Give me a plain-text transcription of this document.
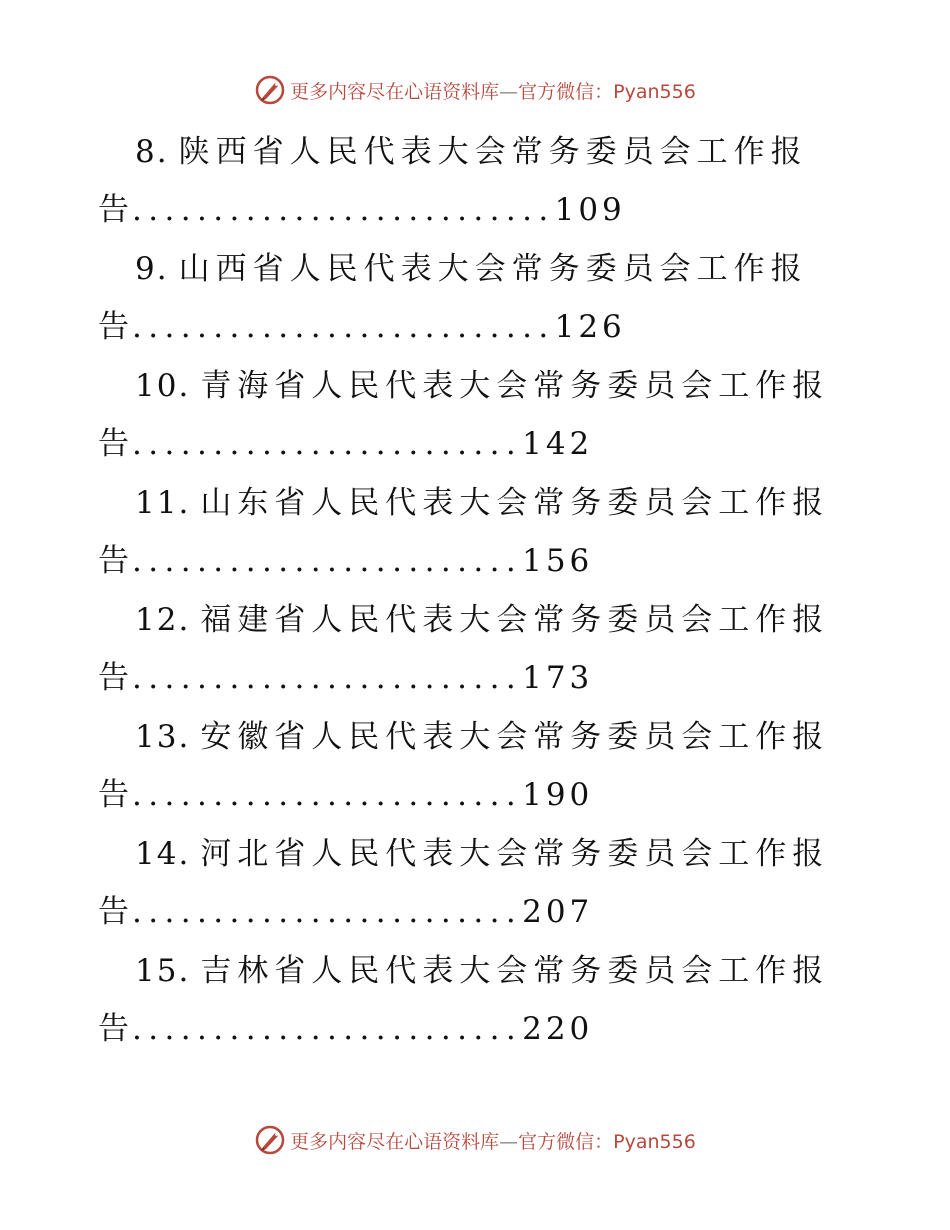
更多内容尽在心语资料库—官方微信：Pyan556
8. 陕西省人民代表大会常务委员会工作报
告..........................109
9. 山西省人民代表大会常务委员会工作报
告..........................126
10. 青海省人民代表大会常务委员会工作报
告........................142
11. 山东省人民代表大会常务委员会工作报
告........................156
12. 福建省人民代表大会常务委员会工作报
告........................173
13. 安徽省人民代表大会常务委员会工作报
告........................190
14. 河北省人民代表大会常务委员会工作报
告........................207
15. 吉林省人民代表大会常务委员会工作报
告........................220
更多内容尽在心语资料库—官方微信：Pyan556
